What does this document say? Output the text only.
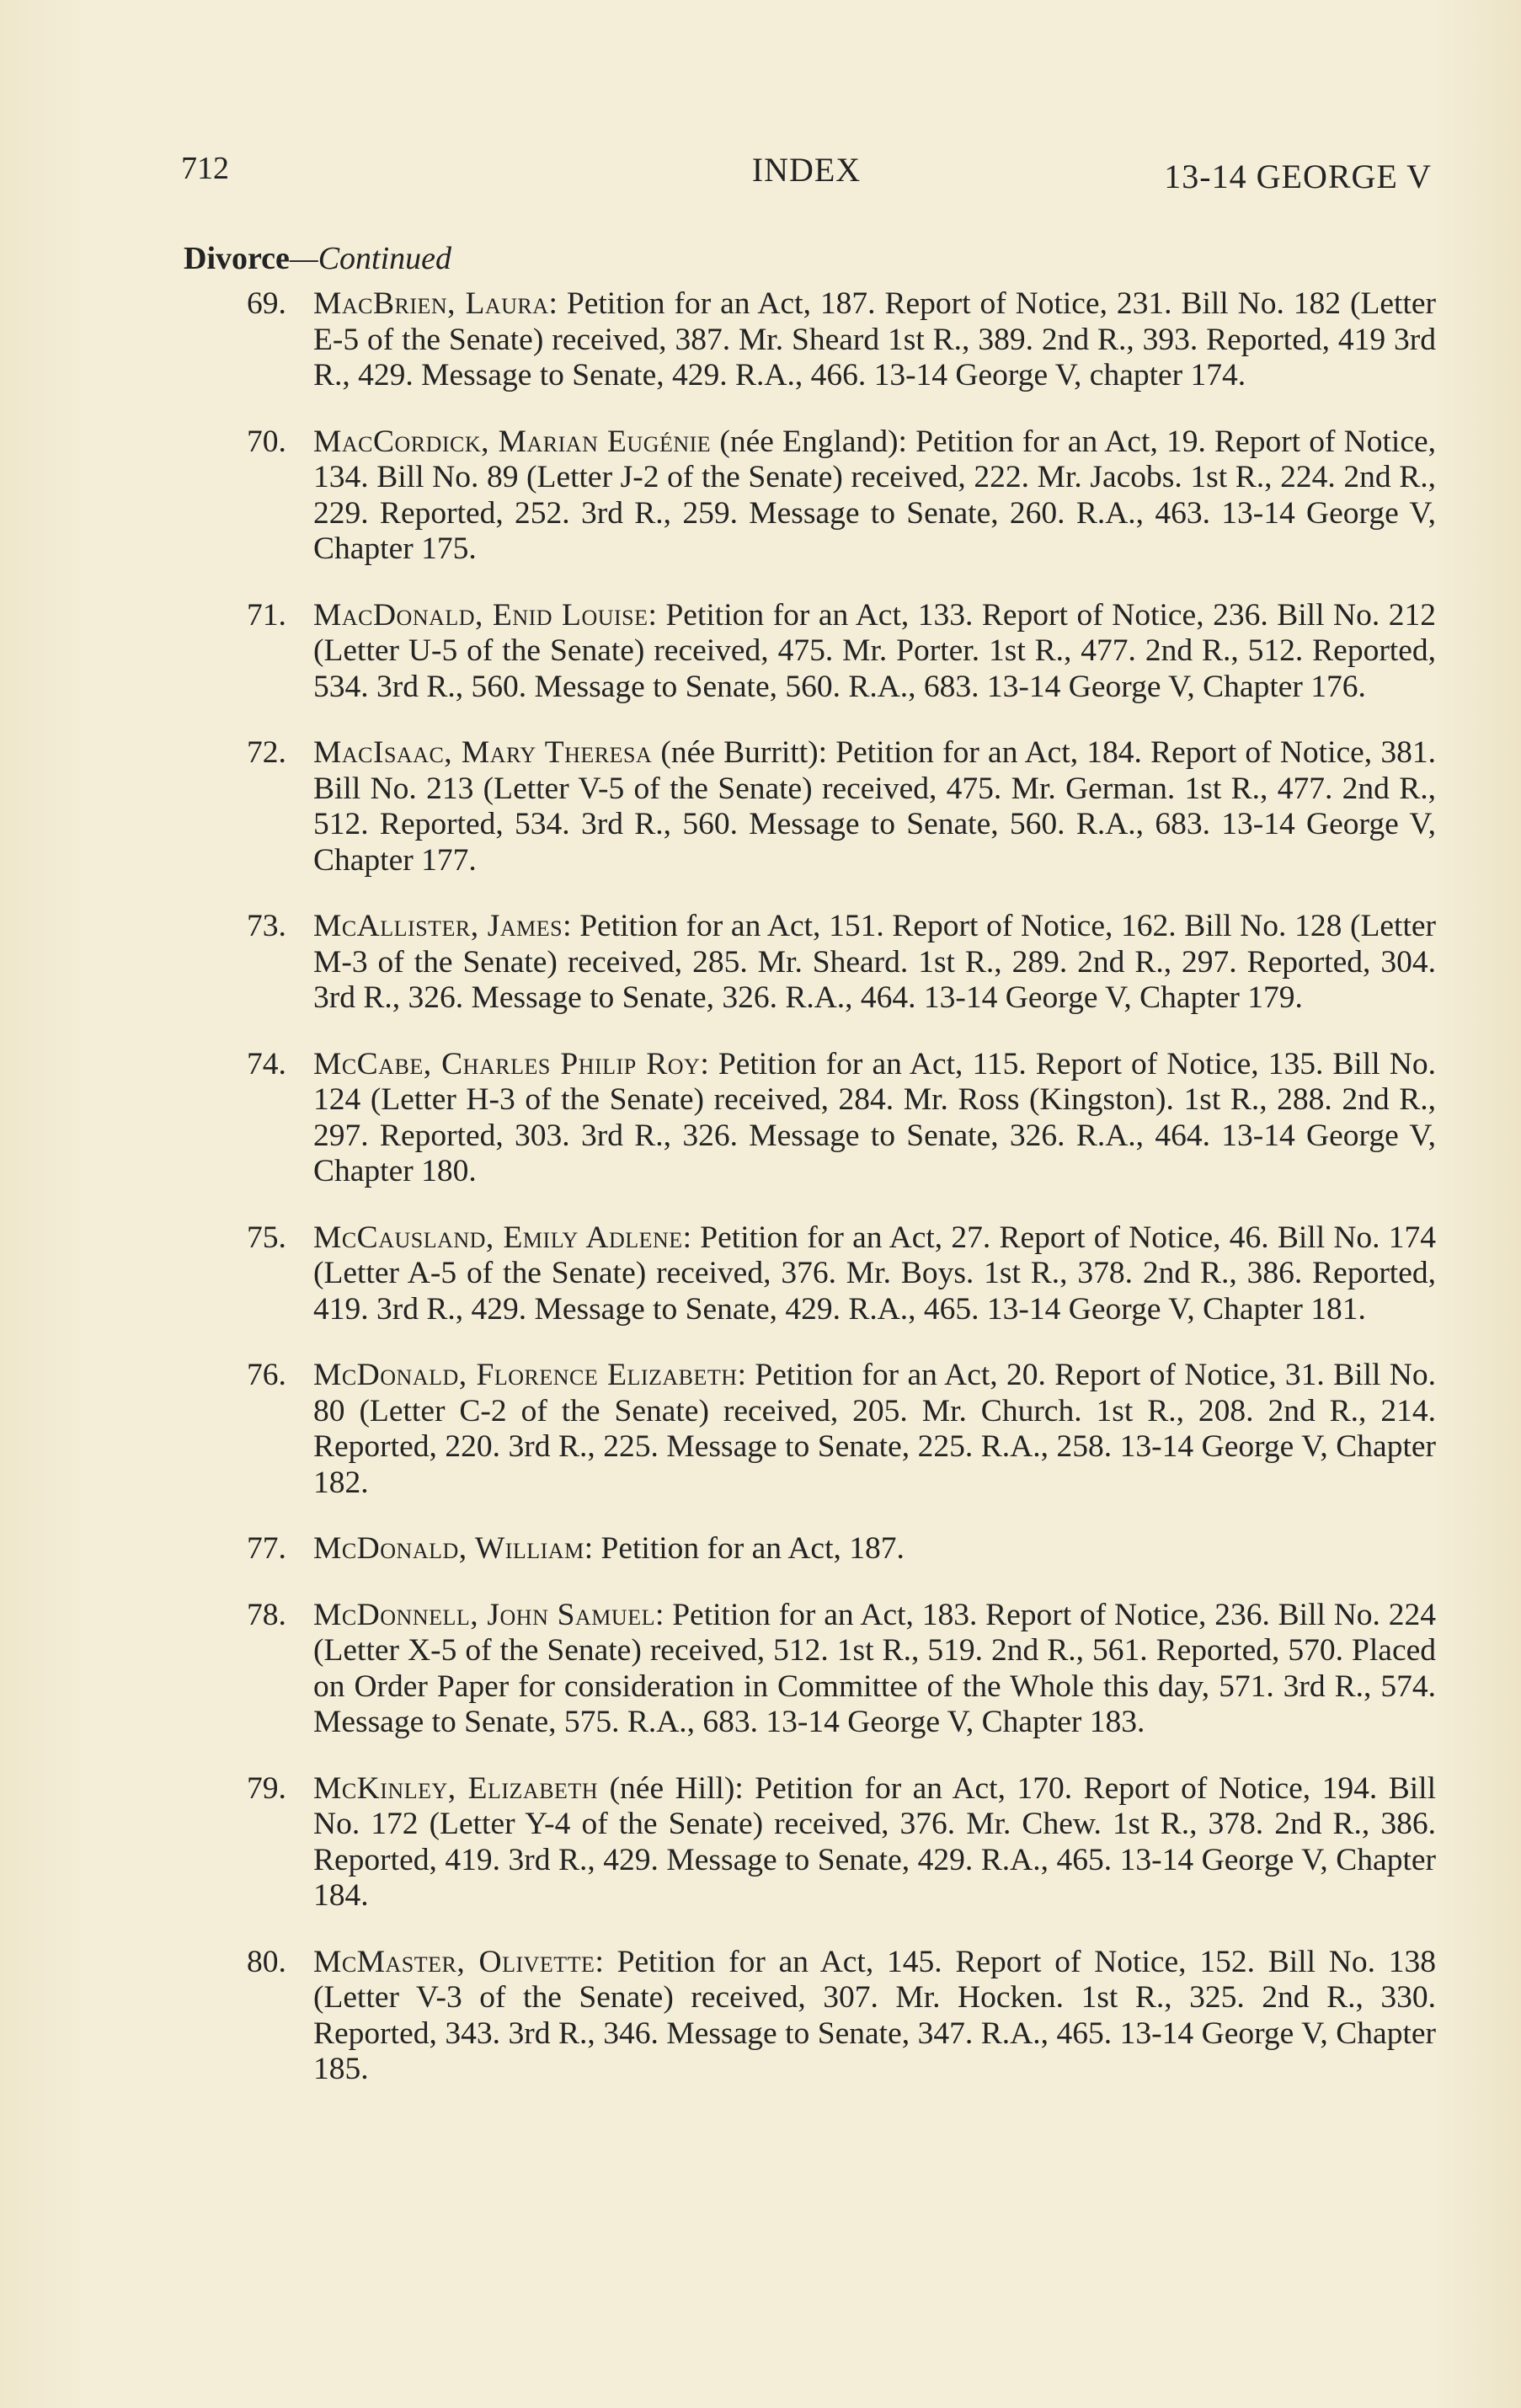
712	INDEX	13-14 GEORGE V
Divorce—Continued
69. MacBrien, Laura: Petition for an Act, 187. Report of Notice, 231. Bill No. 182 (Letter E-5 of the Senate) received, 387. Mr. Sheard 1st R., 389. 2nd R., 393. Reported, 419 3rd R., 429. Message to Senate, 429. R.A., 466. 13-14 George V, chapter 174.
70. MacCordick, Marian Eugénie (née England): Petition for an Act, 19. Report of Notice, 134. Bill No. 89 (Letter J-2 of the Senate) received, 222. Mr. Jacobs. 1st R., 224. 2nd R., 229. Reported, 252. 3rd R., 259. Message to Senate, 260. R.A., 463. 13-14 George V, Chapter 175.
71. MacDonald, Enid Louise: Petition for an Act, 133. Report of Notice, 236. Bill No. 212 (Letter U-5 of the Senate) received, 475. Mr. Porter. 1st R., 477. 2nd R., 512. Reported, 534. 3rd R., 560. Message to Senate, 560. R.A., 683. 13-14 George V, Chapter 176.
72. MacIsaac, Mary Theresa (née Burritt): Petition for an Act, 184. Report of Notice, 381. Bill No. 213 (Letter V-5 of the Senate) received, 475. Mr. German. 1st R., 477. 2nd R., 512. Reported, 534. 3rd R., 560. Message to Senate, 560. R.A., 683. 13-14 George V, Chapter 177.
73. McAllister, James: Petition for an Act, 151. Report of Notice, 162. Bill No. 128 (Letter M-3 of the Senate) received, 285. Mr. Sheard. 1st R., 289. 2nd R., 297. Reported, 304. 3rd R., 326. Message to Senate, 326. R.A., 464. 13-14 George V, Chapter 179.
74. McCabe, Charles Philip Roy: Petition for an Act, 115. Report of Notice, 135. Bill No. 124 (Letter H-3 of the Senate) received, 284. Mr. Ross (Kingston). 1st R., 288. 2nd R., 297. Reported, 303. 3rd R., 326. Message to Senate, 326. R.A., 464. 13-14 George V, Chapter 180.
75. McCausland, Emily Adlene: Petition for an Act, 27. Report of Notice, 46. Bill No. 174 (Letter A-5 of the Senate) received, 376. Mr. Boys. 1st R., 378. 2nd R., 386. Reported, 419. 3rd R., 429. Message to Senate, 429. R.A., 465. 13-14 George V, Chapter 181.
76. McDonald, Florence Elizabeth: Petition for an Act, 20. Report of Notice, 31. Bill No. 80 (Letter C-2 of the Senate) received, 205. Mr. Church. 1st R., 208. 2nd R., 214. Reported, 220. 3rd R., 225. Message to Senate, 225. R.A., 258. 13-14 George V, Chapter 182.
77. McDonald, William: Petition for an Act, 187.
78. McDonnell, John Samuel: Petition for an Act, 183. Report of Notice, 236. Bill No. 224 (Letter X-5 of the Senate) received, 512. 1st R., 519. 2nd R., 561. Reported, 570. Placed on Order Paper for consideration in Committee of the Whole this day, 571. 3rd R., 574. Message to Senate, 575. R.A., 683. 13-14 George V, Chapter 183.
79. McKinley, Elizabeth (née Hill): Petition for an Act, 170. Report of Notice, 194. Bill No. 172 (Letter Y-4 of the Senate) received, 376. Mr. Chew. 1st R., 378. 2nd R., 386. Reported, 419. 3rd R., 429. Message to Senate, 429. R.A., 465. 13-14 George V, Chapter 184.
80. McMaster, Olivette: Petition for an Act, 145. Report of Notice, 152. Bill No. 138 (Letter V-3 of the Senate) received, 307. Mr. Hocken. 1st R., 325. 2nd R., 330. Reported, 343. 3rd R., 346. Message to Senate, 347. R.A., 465. 13-14 George V, Chapter 185.
